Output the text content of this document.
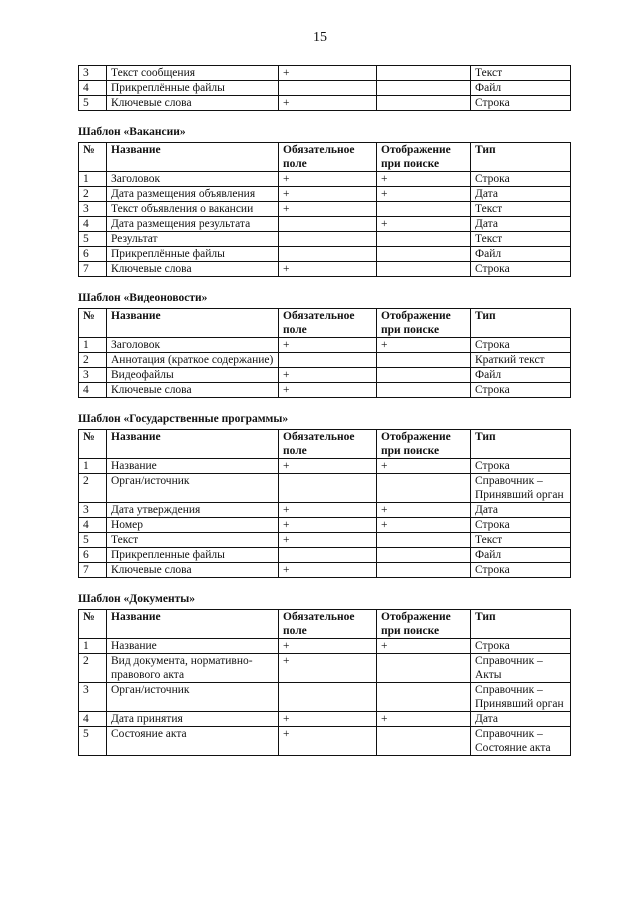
15
3	Текст сообщения	+		Текст
4	Прикреплённые файлы			Файл
5	Ключевые слова	+		Строка
Шаблон «Вакансии»
№	Название	Обязательное поле	Отображение при поиске	Тип
1	Заголовок	+	+	Строка
2	Дата размещения объявления	+	+	Дата
3	Текст объявления о вакансии	+		Текст
4	Дата размещения результата		+	Дата
5	Результат			Текст
6	Прикреплённые файлы			Файл
7	Ключевые слова	+		Строка
Шаблон «Видеоновости»
№	Название	Обязательное поле	Отображение при поиске	Тип
1	Заголовок	+	+	Строка
2	Аннотация (краткое содержание)			Краткий текст
3	Видеофайлы	+		Файл
4	Ключевые слова	+		Строка
Шаблон «Государственные программы»
№	Название	Обязательное поле	Отображение при поиске	Тип
1	Название	+	+	Строка
2	Орган/источник			Справочник – Принявший орган
3	Дата утверждения	+	+	Дата
4	Номер	+	+	Строка
5	Текст	+		Текст
6	Прикрепленные файлы			Файл
7	Ключевые слова	+		Строка
Шаблон «Документы»
№	Название	Обязательное поле	Отображение при поиске	Тип
1	Название	+	+	Строка
2	Вид документа, нормативно-правового акта	+		Справочник – Акты
3	Орган/источник			Справочник – Принявший орган
4	Дата принятия	+	+	Дата
5	Состояние акта	+		Справочник – Состояние акта
